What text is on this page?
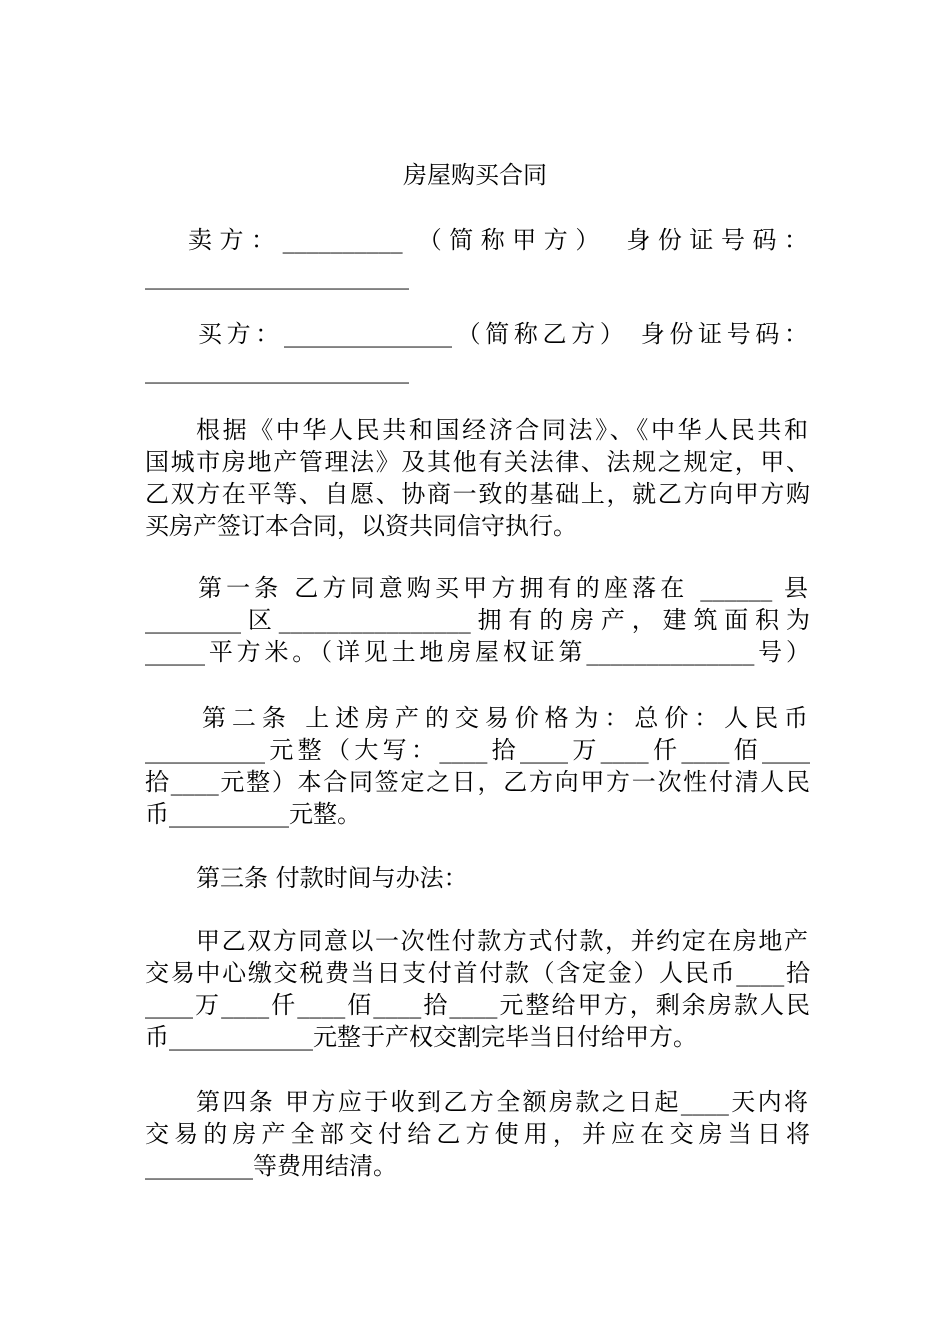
房屋购买合同
卖方：__________ （简称甲方）　身份证号码：
______________________
买方：______________（简称乙方） 身份证号码：
______________________
根据《中华人民共和国经济合同法》、《中华人民共和
国城市房地产管理法》及其他有关法律、法规之规定，甲、
乙双方在平等、自愿、协商一致的基础上，就乙方向甲方购
买房产签订本合同，以资共同信守执行。
第一条 乙方同意购买甲方拥有的座落在 ______ 县
________区________________拥有的房产，建筑面积为
_____平方米。（详见土地房屋权证第______________号）
第二条 上述房产的交易价格为：总价：人民币
__________元整（大写：____拾____万____仟____佰____
拾____元整）本合同签定之日，乙方向甲方一次性付清人民
币__________元整。
第三条 付款时间与办法：
甲乙双方同意以一次性付款方式付款，并约定在房地产
交易中心缴交税费当日支付首付款（含定金）人民币____拾
____万____仟____佰____拾____元整给甲方，剩余房款人民
币____________元整于产权交割完毕当日付给甲方。
第四条 甲方应于收到乙方全额房款之日起____天内将
交易的房产全部交付给乙方使用，并应在交房当日将
_________等费用结清。
